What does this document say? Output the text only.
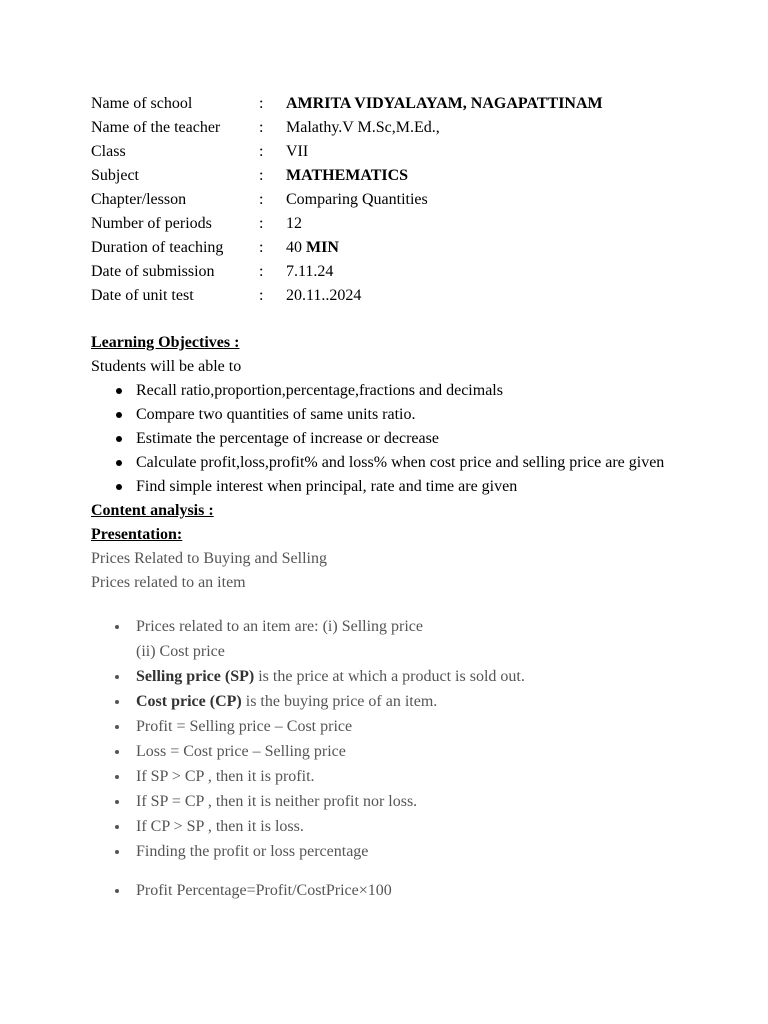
Name of school	: AMRITA VIDYALAYAM, NAGAPATTINAM
Name of the teacher : Malathy.V M.Sc,M.Ed.,
Class	: VII
Subject	: MATHEMATICS
Chapter/lesson	: Comparing Quantities
Number of periods	: 12
Duration of teaching : 40 MIN
Date of submission	: 7.11.24
Date of unit test	: 20.11..2024
Learning Objectives :
Students will be able to
Recall ratio,proportion,percentage,fractions and decimals
Compare two quantities of same units ratio.
Estimate the percentage of increase or decrease
Calculate profit,loss,profit% and loss% when cost price and selling price are given
Find simple interest when principal, rate and time are given
Content analysis :
Presentation:
Prices Related to Buying and Selling
Prices related to an item
Prices related to an item are: (i) Selling price
(ii) Cost price
Selling price (SP) is the price at which a product is sold out.
Cost price (CP) is the buying price of an item.
Profit = Selling price – Cost price
Loss = Cost price – Selling price
If SP > CP , then it is profit.
If SP = CP , then it is neither profit nor loss.
If CP > SP , then it is loss.
Finding the profit or loss percentage
Profit Percentage=Profit/CostPrice×100
